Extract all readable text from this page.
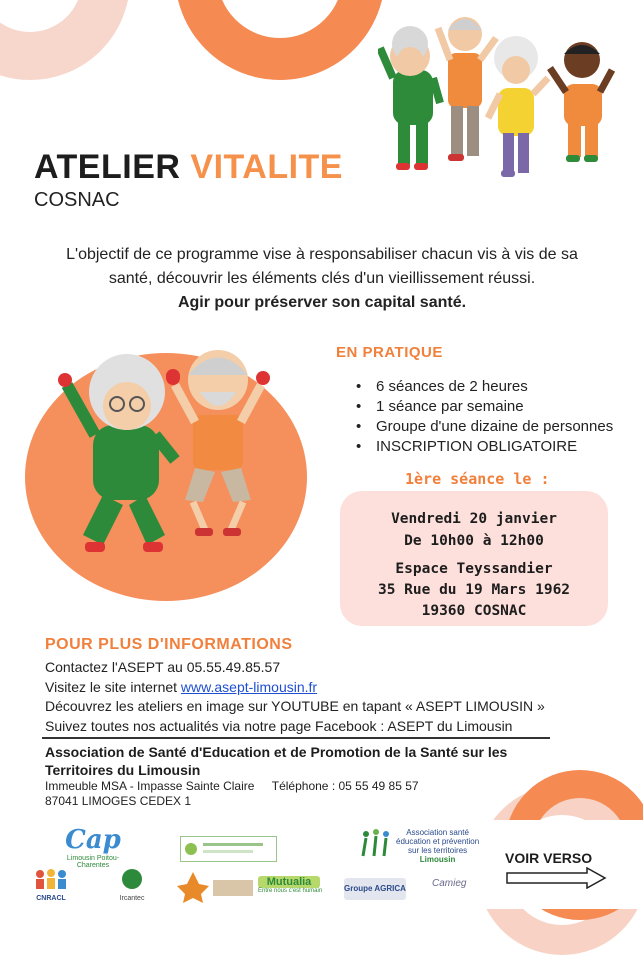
ATELIER VITALITE
COSNAC
L'objectif de ce programme vise à responsabiliser chacun vis à vis de sa
santé, découvrir les éléments clés d'un vieillissement réussi.
Agir pour préserver son capital santé.
EN PRATIQUE
• 6 séances de 2 heures
• 1 séance par semaine
• Groupe d'une dizaine de personnes
• INSCRIPTION OBLIGATOIRE
1ère séance le :
Vendredi 20 janvier
De 10h00 à 12h00
Espace Teyssandier
35 Rue du 19 Mars 1962
19360 COSNAC
POUR PLUS D'INFORMATIONS
Contactez l'ASEPT au 05.55.49.85.57
Visitez le site internet www.asept-limousin.fr
Découvrez les ateliers en image sur YOUTUBE en tapant « ASEPT LIMOUSIN »
Suivez toutes nos actualités via notre page Facebook : ASEPT du Limousin
Association de Santé d'Education et de Promotion de la Santé sur les Territoires du Limousin
Immeuble MSA - Impasse Sainte Claire Téléphone : 05 55 49 85 57
87041 LIMOGES CEDEX 1
Cap
Limousin Poitou-Charentes
CNRACL	Ircantec
Mutualia
Entre nous c'est humain
Association santé
éducation et prévention
sur les territoires
Limousin
Groupe AGRICA	Camieg
VOIR VERSO
